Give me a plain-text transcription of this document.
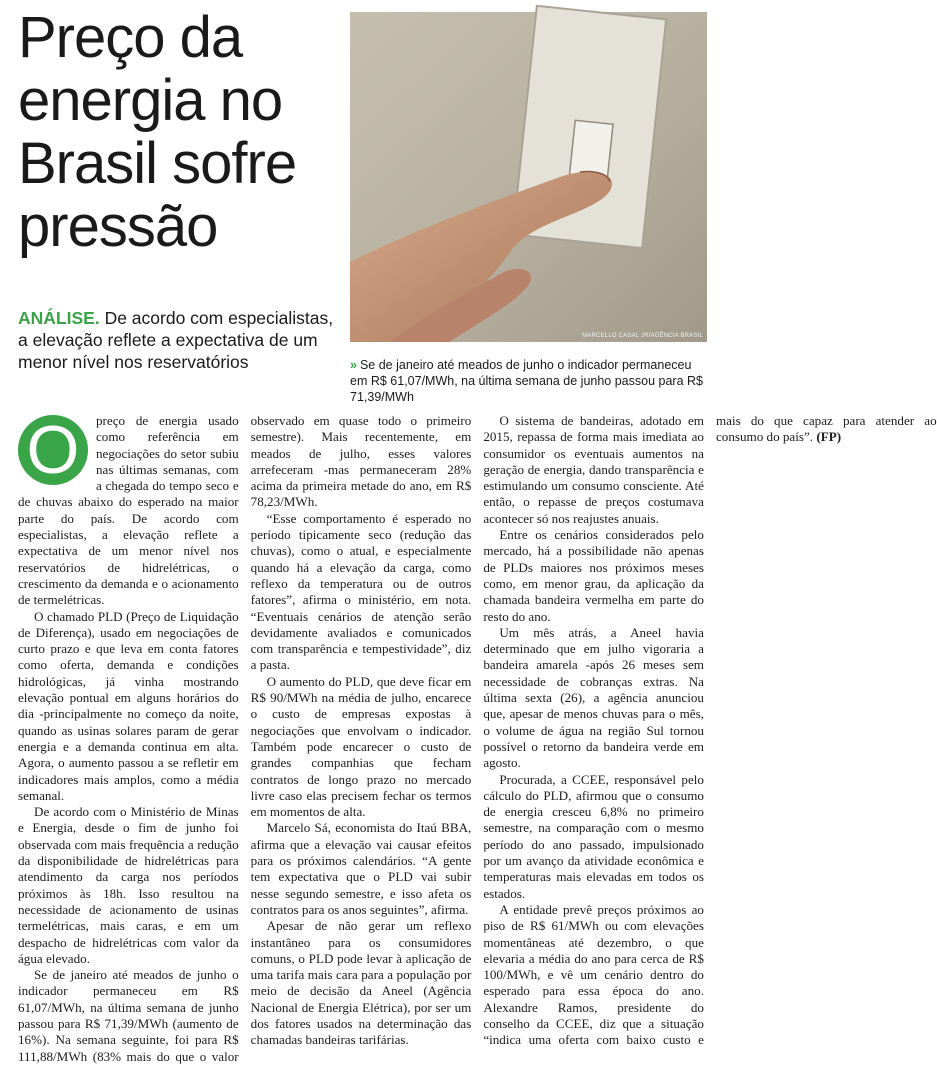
Preço da energia no Brasil sofre pressão
MARCELLO CASAL JR/AGÊNCIA BRASIL
ANÁLISE. De acordo com especialistas, a elevação reflete a expectativa de um menor nível nos reservatórios	» Se de janeiro até meados de junho o indicador permaneceu em R$ 61,07/MWh, na última semana de junho passou para R$ 71,39/MWh

O	preço de energia usado como referência em negociações do setor subiu nas últimas semanas, com a chegada do tempo seco e de chuvas abaixo do esperado na maior parte do país. De acordo com especialistas, a elevação reflete a expectativa de um menor nível nos reservatórios de hidrelétricas, o crescimento da demanda e o acionamento de termelétricas.

O chamado PLD (Preço de Liquidação de Diferença), usado em negociações de curto prazo e que leva em conta fatores como oferta, demanda e condições hidrológicas, já vinha mostrando elevação pontual em alguns horários do dia -principalmente no começo da noite, quando as usinas solares param de gerar energia e a demanda continua em alta. Agora, o aumento passou a se refletir em indicadores mais amplos, como a média semanal.

De acordo com o Ministério de Minas e Energia, desde o fim de junho foi observada com mais frequência a redução da disponibilidade de hidrelétricas para atendimento da carga nos períodos próximos às 18h. Isso resultou na necessidade de acionamento de usinas termelétricas, mais caras, e em um despacho de hidrelétricas com valor da água elevado.

Se de janeiro até meados de junho o indicador permaneceu em R$ 61,07/MWh, na última semana de junho passou para R$ 71,39/MWh (aumento de 16%). Na semana seguinte, foi para R$ 111,88/MWh (83% mais do que o valor observado em quase todo o primeiro semestre). Mais recentemente, em meados de julho, esses valores arrefeceram -mas permaneceram 28% acima da primeira metade do ano, em R$ 78,23/MWh.

“Esse comportamento é esperado no período tipicamente seco (redução das chuvas), como o atual, e especialmente quando há a elevação da carga, como reflexo da temperatura ou de outros fatores”, afirma o ministério, em nota. “Eventuais cenários de atenção serão devidamente avaliados e comunicados com transparência e tempestividade”, diz a pasta.

O aumento do PLD, que deve ficar em R$ 90/MWh na média de julho, encarece o custo de empresas expostas à negociações que envolvam o indicador. Também pode encarecer o custo de grandes companhias que fecham contratos de longo prazo no mercado livre caso elas precisem fechar os termos em momentos de alta.

Marcelo Sá, economista do Itaú BBA, afirma que a elevação vai causar efeitos para os próximos calendários. “A gente tem expectativa que o PLD vai subir nesse segundo semestre, e isso afeta os contratos para os anos seguintes”, afirma.

Apesar de não gerar um reflexo instantâneo para os consumidores comuns, o PLD pode levar à aplicação de uma tarifa mais cara para a população por meio de decisão da Aneel (Agência Nacional de Energia Elétrica), por ser um dos fatores usados na determinação das chamadas bandeiras tarifárias.

O sistema de bandeiras, adotado em 2015, repassa de forma mais imediata ao consumidor os eventuais aumentos na geração de energia, dando transparência e estimulando um consumo consciente. Até então, o repasse de preços costumava acontecer só nos reajustes anuais.

Entre os cenários considerados pelo mercado, há a possibilidade não apenas de PLDs maiores nos próximos meses como, em menor grau, da aplicação da chamada bandeira vermelha em parte do resto do ano.

Um mês atrás, a Aneel havia determinado que em julho vigoraria a bandeira amarela -após 26 meses sem necessidade de cobranças extras. Na última sexta (26), a agência anunciou que, apesar de menos chuvas para o mês, o volume de água na região Sul tornou possível o retorno da bandeira verde em agosto.

Procurada, a CCEE, responsável pelo cálculo do PLD, afirmou que o consumo de energia cresceu 6,8% no primeiro semestre, na comparação com o mesmo período do ano passado, impulsionado por um avanço da atividade econômica e temperaturas mais elevadas em todos os estados.

A entidade prevê preços próximos ao piso de R$ 61/MWh ou com elevações momentâneas até dezembro, o que elevaria a média do ano para cerca de R$ 100/MWh, e vê um cenário dentro do esperado para essa época do ano. Alexandre Ramos, presidente do conselho da CCEE, diz que a situação “indica uma oferta com baixo custo e mais do que capaz para atender ao consumo do país”. (FP)
